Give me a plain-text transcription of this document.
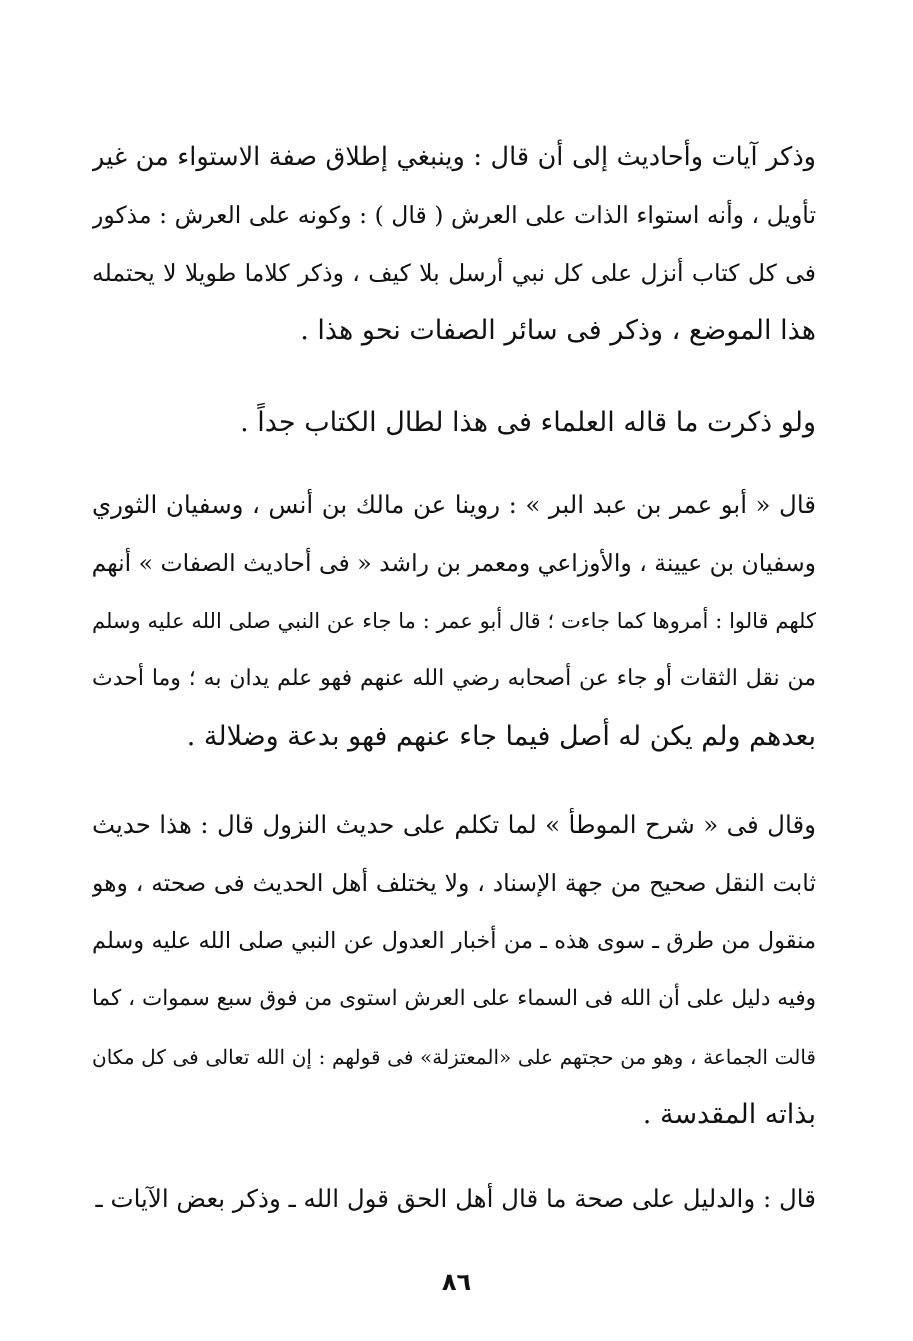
وذكر آيات وأحاديث إلى أن قال : وينبغي إطلاق صفة الاستواء من غير
تأويل ، وأنه استواء الذات على العرش ( قال ) : وكونه على العرش : مذكور
فى كل كتاب أنزل على كل نبي أرسل بلا كيف ، وذكر كلاما طويلا لا يحتمله
هذا الموضع ، وذكر فى سائر الصفات نحو هذا .
ولو ذكرت ما قاله العلماء فى هذا لطال الكتاب جداً .
قال « أبو عمر بن عبد البر » : روينا عن مالك بن أنس ، وسفيان الثوري
وسفيان بن عيينة ، والأوزاعي ومعمر بن راشد « فى أحاديث الصفات » أنهم
كلهم قالوا : أمروها كما جاءت ؛ قال أبو عمر : ما جاء عن النبي صلى الله عليه وسلم
من نقل الثقات أو جاء عن أصحابه رضي الله عنهم فهو علم يدان به ؛ وما أحدث
بعدهم ولم يكن له أصل فيما جاء عنهم فهو بدعة وضلالة .
وقال فى « شرح الموطأ » لما تكلم على حديث النزول قال : هذا حديث
ثابت النقل صحيح من جهة الإسناد ، ولا يختلف أهل الحديث فى صحته ، وهو
منقول من طرق ـ سوى هذه ـ من أخبار العدول عن النبي صلى الله عليه وسلم
وفيه دليل على أن الله فى السماء على العرش استوى من فوق سبع سموات ، كما
قالت الجماعة ، وهو من حجتهم على «المعتزلة» فى قولهم : إن الله تعالى فى كل مكان
بذاته المقدسة .
قال : والدليل على صحة ما قال أهل الحق قول الله ـ وذكر بعض الآيات ـ
٨٦
